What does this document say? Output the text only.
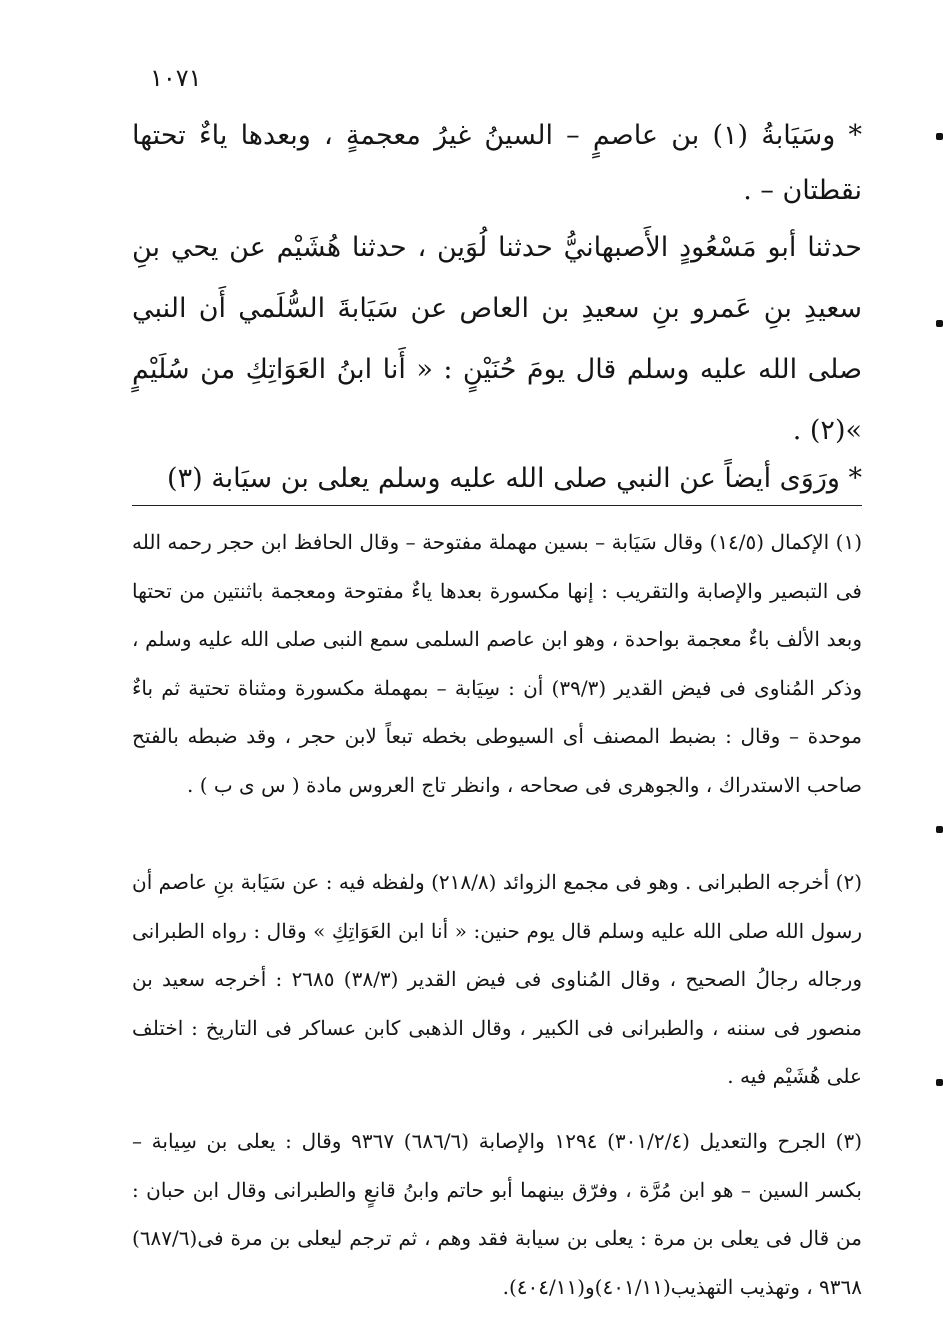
١٠٧١

* وسَيَابةُ (١) بن عاصمٍ – السينُ غيرُ معجمةٍ ، وبعدها ياءٌ تحتها نقطتان – .

حدثنا أبو مَسْعُودٍ الأَصبهانيُّ حدثنا لُوَين ، حدثنا هُشَيْم عن يحي بنِ سعيدِ بنِ عَمرو بنِ سعيدِ بن العاص عن سَيَابةَ السُّلَمي أَن النبي صلى الله عليه وسلم قال يومَ حُنَيْنٍ : « أَنا ابنُ العَوَاتِكِ من سُلَيْمٍ »(٢) .

* ورَوَى أيضاً عن النبي صلى الله عليه وسلم يعلى بن سيَابة (٣)

(١) الإكمال (١٤/٥) وقال سَيَابة – بسين مهملة مفتوحة – وقال الحافظ ابن حجر رحمه الله فى التبصير والإصابة والتقريب : إنها مكسورة بعدها ياءٌ مفتوحة ومعجمة باثنتين من تحتها وبعد الألف باءٌ معجمة بواحدة ، وهو ابن عاصم السلمى سمع النبى صلى الله عليه وسلم ، وذكر المُناوى فى فيض القدير (٣٩/٣) أن : سِيَابة – بمهملة مكسورة ومثناة تحتية ثم باءٌ موحدة – وقال : بضبط المصنف أى السيوطى بخطه تبعاً لابن حجر ، وقد ضبطه بالفتح صاحب الاستدراك ، والجوهرى فى صحاحه ، وانظر تاج العروس مادة ( س ى ب ) .

(٢) أخرجه الطبرانى . وهو فى مجمع الزوائد (٢١٨/٨) ولفظه فيه : عن سَيَابة بنِ عاصم أن رسول الله صلى الله عليه وسلم قال يوم حنين: « أنا ابن العَوَاتِكِ » وقال : رواه الطبرانى ورجاله رجالُ الصحيح ، وقال المُناوى فى فيض القدير (٣٨/٣) ٢٦٨٥ : أخرجه سعيد بن منصور فى سننه ، والطبرانى فى الكبير ، وقال الذهبى كابن عساكر فى التاريخ : اختلف على هُشَيْم فيه .

(٣) الجرح والتعديل (٣٠١/٢/٤) ١٢٩٤ والإصابة (٦٨٦/٦) ٩٣٦٧ وقال : يعلى بن سِيابة – بكسر السين – هو ابن مُرَّة ، وفرّق بينهما أبو حاتم وابنُ قانعٍ والطبرانى وقال ابن حبان : من قال فى يعلى بن مرة : يعلى بن سيابة فقد وهم ، ثم ترجم ليعلى بن مرة فى(٦٨٧/٦) ٩٣٦٨ ، وتهذيب التهذيب(٤٠١/١١)و(٤٠٤/١١).
